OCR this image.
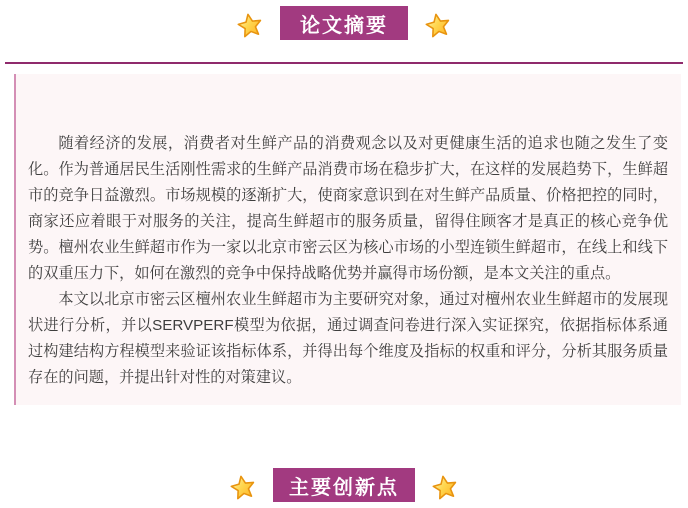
论文摘要

随着经济的发展，消费者对生鲜产品的消费观念以及对更健康生活的追求也随之发生了变化。作为普通居民生活刚性需求的生鲜产品消费市场在稳步扩大，在这样的发展趋势下，生鲜超市的竞争日益激烈。市场规模的逐渐扩大，使商家意识到在对生鲜产品质量、价格把控的同时，商家还应着眼于对服务的关注，提高生鲜超市的服务质量，留得住顾客才是真正的核心竞争优势。檀州农业生鲜超市作为一家以北京市密云区为核心市场的小型连锁生鲜超市，在线上和线下的双重压力下，如何在激烈的竞争中保持战略优势并赢得市场份额，是本文关注的重点。

本文以北京市密云区檀州农业生鲜超市为主要研究对象，通过对檀州农业生鲜超市的发展现状进行分析，并以SERVPERF模型为依据，通过调查问卷进行深入实证探究，依据指标体系通过构建结构方程模型来验证该指标体系，并得出每个维度及指标的权重和评分，分析其服务质量存在的问题，并提出针对性的对策建议。

主要创新点
